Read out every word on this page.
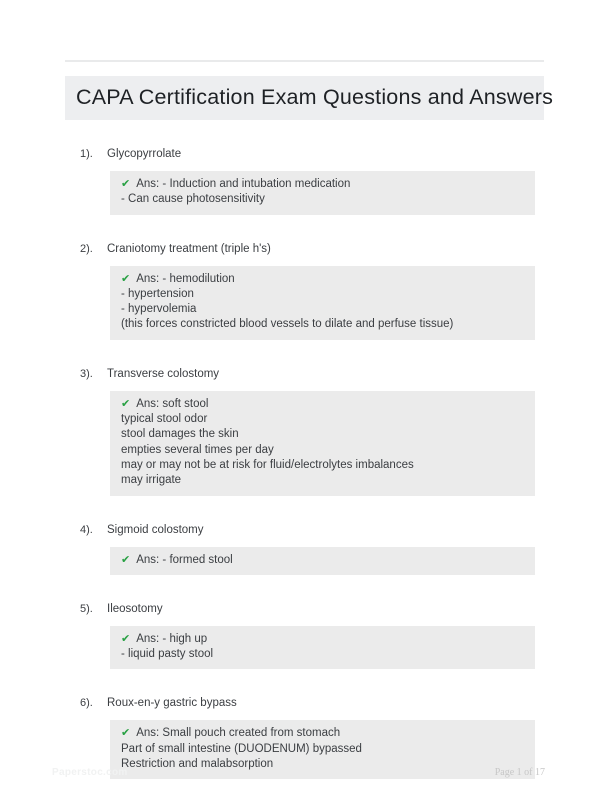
CAPA Certification Exam Questions and Answers
1). Glycopyrrolate
✔ Ans: - Induction and intubation medication
- Can cause photosensitivity
2). Craniotomy treatment (triple h's)
✔ Ans: - hemodilution
- hypertension
- hypervolemia
(this forces constricted blood vessels to dilate and perfuse tissue)
3). Transverse colostomy
✔ Ans: soft stool
typical stool odor
stool damages the skin
empties several times per day
may or may not be at risk for fluid/electrolytes imbalances
may irrigate
4). Sigmoid colostomy
✔ Ans: - formed stool
5). Ileosotomy
✔ Ans: - high up
- liquid pasty stool
6). Roux-en-y gastric bypass
✔ Ans: Small pouch created from stomach
Part of small intestine (DUODENUM) bypassed
Restriction and malabsorption
Paperstoc.com	Page 1 of 17
